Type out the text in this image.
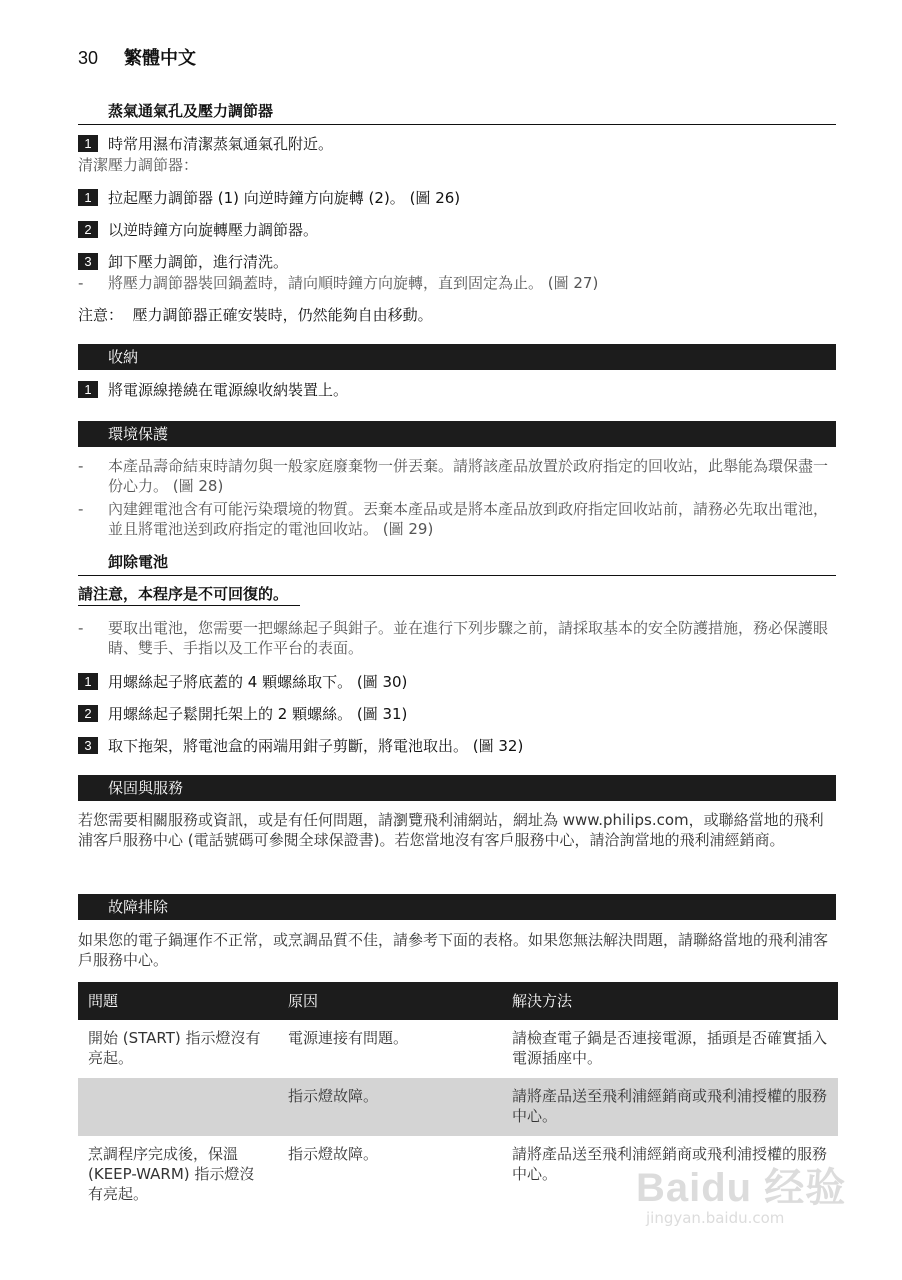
30 繁體中文
蒸氣通氣孔及壓力調節器
1 時常用濕布清潔蒸氣通氣孔附近。
清潔壓力調節器：
1 拉起壓力調節器 (1) 向逆時鐘方向旋轉 (2)。 (圖 26)
2 以逆時鐘方向旋轉壓力調節器。
3 卸下壓力調節，進行清洗。
- 將壓力調節器裝回鍋蓋時，請向順時鐘方向旋轉，直到固定為止。 (圖 27)
注意： 壓力調節器正確安裝時，仍然能夠自由移動。
收納
1 將電源線捲繞在電源線收納裝置上。
環境保護
- 本產品壽命結束時請勿與一般家庭廢棄物一併丟棄。請將該產品放置於政府指定的回收站，此舉能為環保盡一份心力。 (圖 28)
- 內建鋰電池含有可能污染環境的物質。丟棄本產品或是將本產品放到政府指定回收站前，請務必先取出電池，並且將電池送到政府指定的電池回收站。 (圖 29)
卸除電池
請注意，本程序是不可回復的。
- 要取出電池，您需要一把螺絲起子與鉗子。並在進行下列步驟之前，請採取基本的安全防護措施，務必保護眼睛、雙手、手指以及工作平台的表面。
1 用螺絲起子將底蓋的 4 顆螺絲取下。 (圖 30)
2 用螺絲起子鬆開托架上的 2 顆螺絲。 (圖 31)
3 取下拖架，將電池盒的兩端用鉗子剪斷，將電池取出。 (圖 32)
保固與服務
若您需要相關服務或資訊，或是有任何問題，請瀏覽飛利浦網站，網址為 www.philips.com，或聯絡當地的飛利浦客戶服務中心 (電話號碼可參閱全球保證書)。若您當地沒有客戶服務中心，請洽詢當地的飛利浦經銷商。
故障排除
如果您的電子鍋運作不正常，或烹調品質不佳，請參考下面的表格。如果您無法解決問題，請聯絡當地的飛利浦客戶服務中心。
問題	原因	解決方法
開始 (START) 指示燈沒有亮起。	電源連接有問題。	請檢查電子鍋是否連接電源，插頭是否確實插入電源插座中。
	指示燈故障。	請將產品送至飛利浦經銷商或飛利浦授權的服務中心。
烹調程序完成後，保溫 (KEEP-WARM) 指示燈沒有亮起。	指示燈故障。	請將產品送至飛利浦經銷商或飛利浦授權的服務中心。 Baidu 经验
jingyan.baidu.com
